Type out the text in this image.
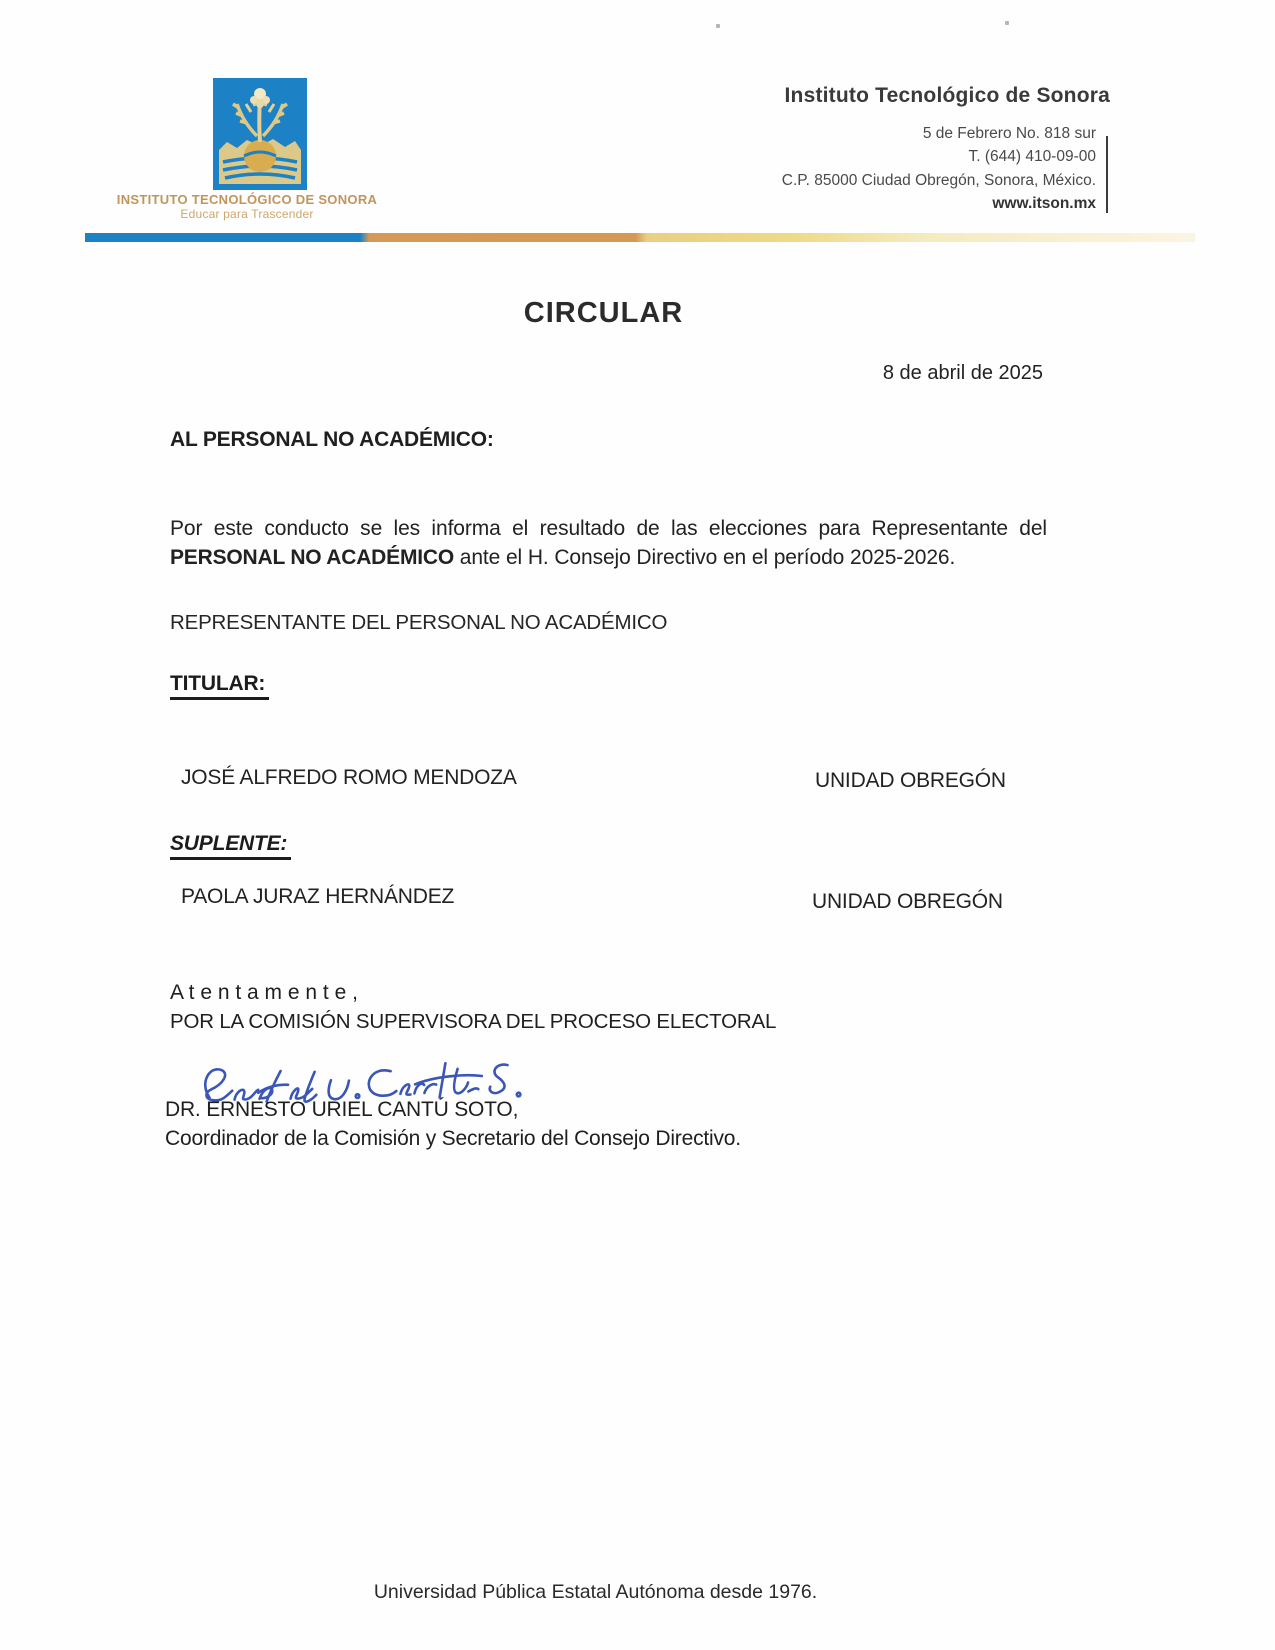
INSTITUTO TECNOLÓGICO DE SONORA
Educar para Trascender
Instituto Tecnológico de Sonora
5 de Febrero No. 818 sur
T. (644) 410-09-00
C.P. 85000 Ciudad Obregón, Sonora, México.
www.itson.mx
CIRCULAR
8 de abril de 2025
AL PERSONAL NO ACADÉMICO:
Por este conducto se les informa el resultado de las elecciones para Representante del PERSONAL NO ACADÉMICO ante el H. Consejo Directivo en el período 2025-2026.
REPRESENTANTE DEL PERSONAL NO ACADÉMICO
TITULAR:
JOSÉ ALFREDO ROMO MENDOZA	UNIDAD OBREGÓN
SUPLENTE:
PAOLA JURAZ HERNÁNDEZ	UNIDAD OBREGÓN
A t e n t a m e n t e ,
POR LA COMISIÓN SUPERVISORA DEL PROCESO ELECTORAL
DR. ERNESTO URIEL CANTÚ SOTO,
Coordinador de la Comisión y Secretario del Consejo Directivo.
Universidad Pública Estatal Autónoma desde 1976.
